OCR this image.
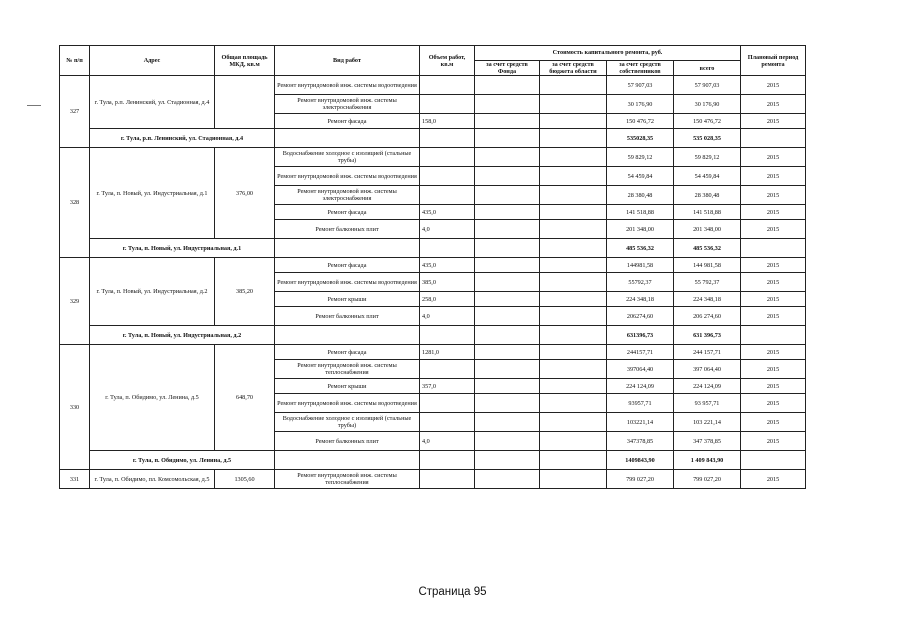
№ п/п	Адрес	Общая площадь МКД, кв.м	Вид работ	Объем работ, кв.м	Стоимость капитального ремонта, руб.				Плановый период ремонта
					за счет средств Фонда	за счет средств бюджета области	за счет средств собственников	всего	
327	г. Тула, р.п. Ленинский, ул. Стадионная, д.4		Ремонт внутридомовой инж. системы водоотведения				57 907,03	57 907,03	2015
			Ремонт внутридомовой инж. системы электроснабжения				30 176,90	30 176,90	2015
			Ремонт фасада	158,0			150 476,72	150 476,72	2015
	г. Тула, р.п. Ленинский, ул. Стадионная, д.4						535028,35	535 028,35	
328	г. Тула, п. Новый, ул. Индустриальная, д.1	376,00	Водоснабжение холодное с изоляцией (стальные трубы)				59 829,12	59 829,12	2015
			Ремонт внутридомовой инж. системы водоотведения				54 459,84	54 459,84	2015
			Ремонт внутридомовой инж. системы электроснабжения				28 380,48	28 380,48	2015
			Ремонт фасада	435,0			141 518,88	141 518,88	2015
			Ремонт балконных плит	4,0			201 348,00	201 348,00	2015
	г. Тула, п. Новый, ул. Индустриальная, д.1						485 536,32	485 536,32	
329	г. Тула, п. Новый, ул. Индустриальная, д.2	385,20	Ремонт фасада	435,0			144981,58	144 981,58	2015
			Ремонт внутридомовой инж. системы водоотведения	385,0			55792,37	55 792,37	2015
			Ремонт крыши	258,0			224 348,18	224 348,18	2015
			Ремонт балконных плит	4,0			206274,60	206 274,60	2015
	г. Тула, п. Новый, ул. Индустриальная, д.2						631396,73	631 396,73	
330	г. Тула, п. Обидимо, ул. Ленина, д.5	648,70	Ремонт фасада	1281,0			244157,71	244 157,71	2015
			Ремонт внутридомовой инж. системы теплоснабжения				397064,40	397 064,40	2015
			Ремонт крыши	357,0			224 124,09	224 124,09	2015
			Ремонт внутридомовой инж. системы водоотведения				93957,71	93 957,71	2015
			Водоснабжение холодное с изоляцией (стальные трубы)				103221,14	103 221,14	2015
			Ремонт балконных плит	4,0			347378,85	347 378,85	2015
	г. Тула, п. Обидимо, ул. Ленина, д.5						1409843,90	1 409 843,90	
331	г. Тула, п. Обидимо, пл. Комсомольская, д.5	1305,60	Ремонт внутридомовой инж. системы теплоснабжения				799 027,20	799 027,20	2015
Страница 95
